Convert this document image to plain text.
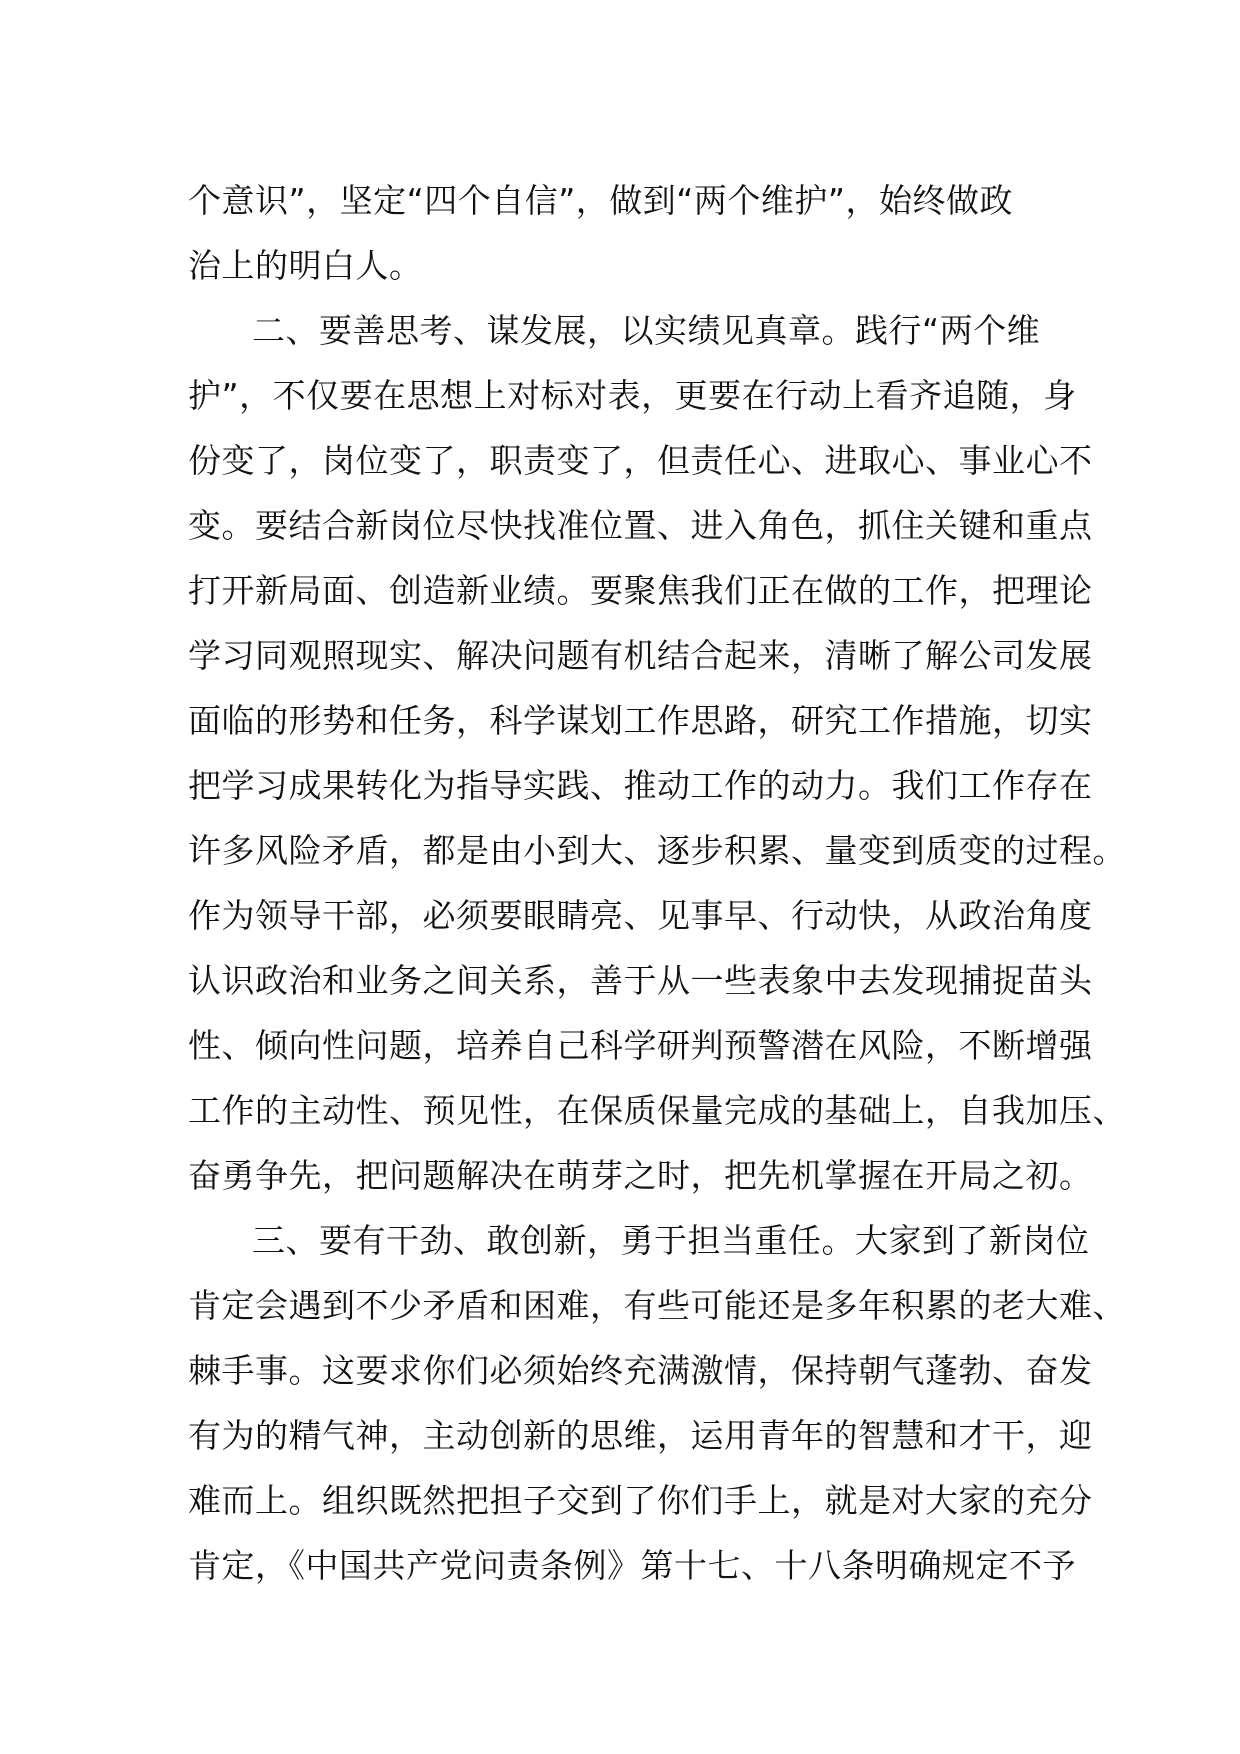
个意识”，坚定“四个自信”，做到“两个维护”，始终做政
治上的明白人。
二、要善思考、谋发展，以实绩见真章。践行“两个维
护”，不仅要在思想上对标对表，更要在行动上看齐追随，身
份变了，岗位变了，职责变了，但责任心、进取心、事业心不
变。要结合新岗位尽快找准位置、进入角色，抓住关键和重点
打开新局面、创造新业绩。要聚焦我们正在做的工作，把理论
学习同观照现实、解决问题有机结合起来，清晰了解公司发展
面临的形势和任务，科学谋划工作思路，研究工作措施，切实
把学习成果转化为指导实践、推动工作的动力。我们工作存在
许多风险矛盾，都是由小到大、逐步积累、量变到质变的过程。
作为领导干部，必须要眼睛亮、见事早、行动快，从政治角度
认识政治和业务之间关系，善于从一些表象中去发现捕捉苗头
性、倾向性问题，培养自己科学研判预警潜在风险，不断增强
工作的主动性、预见性，在保质保量完成的基础上，自我加压、
奋勇争先，把问题解决在萌芽之时，把先机掌握在开局之初。
三、要有干劲、敢创新，勇于担当重任。大家到了新岗位
肯定会遇到不少矛盾和困难，有些可能还是多年积累的老大难、
棘手事。这要求你们必须始终充满激情，保持朝气蓬勃、奋发
有为的精气神，主动创新的思维，运用青年的智慧和才干，迎
难而上。组织既然把担子交到了你们手上，就是对大家的充分
肯定，《中国共产党问责条例》第十七、十八条明确规定不予
